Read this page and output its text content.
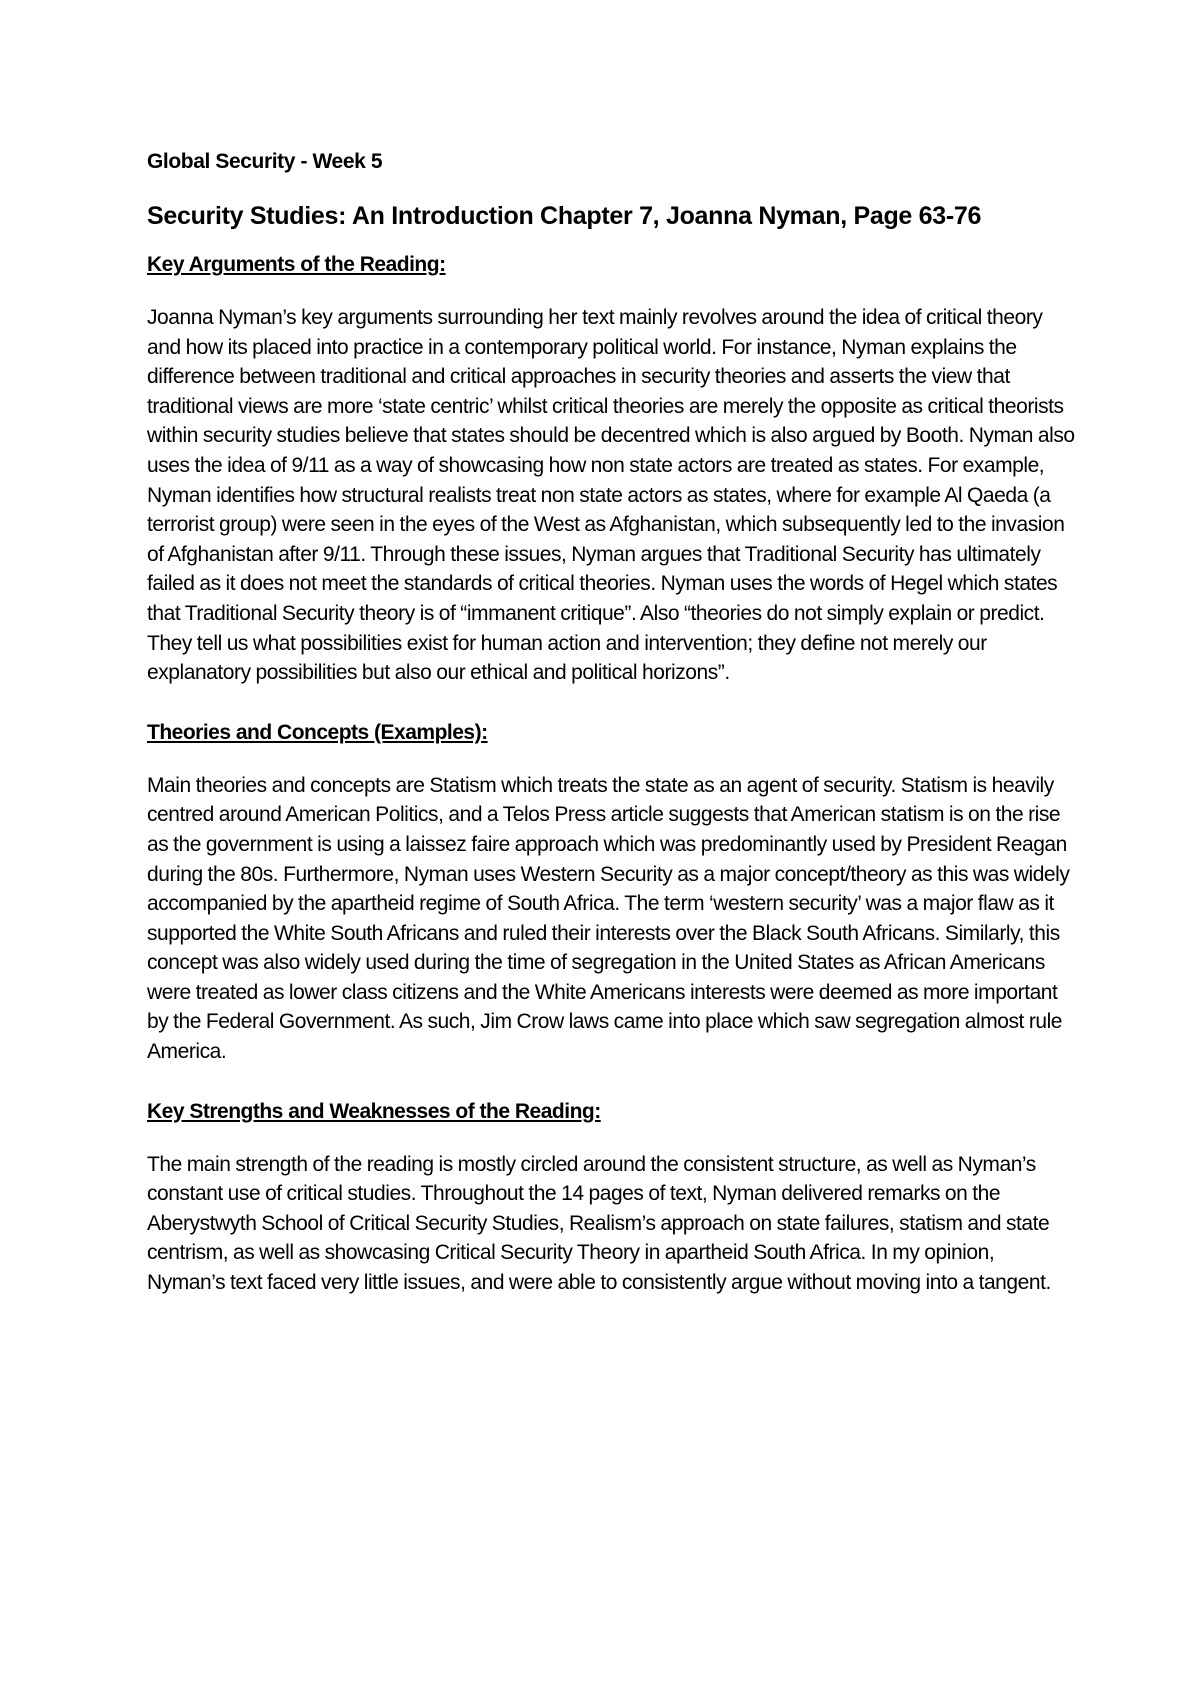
Global Security - Week 5

Security Studies: An Introduction Chapter 7, Joanna Nyman, Page 63-76

Key Arguments of the Reading:

Joanna Nyman’s key arguments surrounding her text mainly revolves around the idea of critical theory and how its placed into practice in a contemporary political world. For instance, Nyman explains the difference between traditional and critical approaches in security theories and asserts the view that traditional views are more ‘state centric’ whilst critical theories are merely the opposite as critical theorists within security studies believe that states should be decentred which is also argued by Booth. Nyman also uses the idea of 9/11 as a way of showcasing how non state actors are treated as states. For example, Nyman identifies how structural realists treat non state actors as states, where for example Al Qaeda (a terrorist group) were seen in the eyes of the West as Afghanistan, which subsequently led to the invasion of Afghanistan after 9/11. Through these issues, Nyman argues that Traditional Security has ultimately failed as it does not meet the standards of critical theories. Nyman uses the words of Hegel which states that Traditional Security theory is of “immanent critique”. Also “theories do not simply explain or predict. They tell us what possibilities exist for human action and intervention; they define not merely our explanatory possibilities but also our ethical and political horizons”.

Theories and Concepts (Examples):

Main theories and concepts are Statism which treats the state as an agent of security. Statism is heavily centred around American Politics, and a Telos Press article suggests that American statism is on the rise as the government is using a laissez faire approach which was predominantly used by President Reagan during the 80s. Furthermore, Nyman uses Western Security as a major concept/theory as this was widely accompanied by the apartheid regime of South Africa. The term ‘western security’ was a major flaw as it supported the White South Africans and ruled their interests over the Black South Africans. Similarly, this concept was also widely used during the time of segregation in the United States as African Americans were treated as lower class citizens and the White Americans interests were deemed as more important by the Federal Government. As such, Jim Crow laws came into place which saw segregation almost rule America.

Key Strengths and Weaknesses of the Reading:

The main strength of the reading is mostly circled around the consistent structure, as well as Nyman’s constant use of critical studies. Throughout the 14 pages of text, Nyman delivered remarks on the Aberystwyth School of Critical Security Studies, Realism’s approach on state failures, statism and state centrism, as well as showcasing Critical Security Theory in apartheid South Africa. In my opinion, Nyman’s text faced very little issues, and were able to consistently argue without moving into a tangent.
